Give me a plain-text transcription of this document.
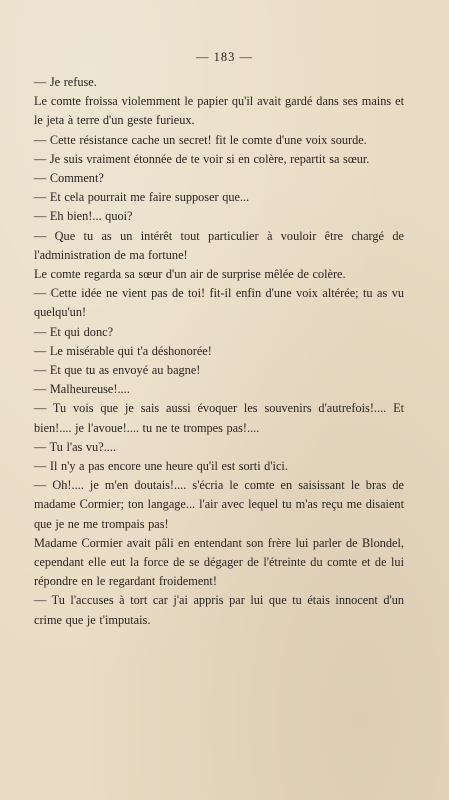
— 183 —

— Je refuse.

Le comte froissa violemment le papier qu'il avait gardé dans ses mains et le jeta à terre d'un geste furieux.

— Cette résistance cache un secret! fit le comte d'une voix sourde.

— Je suis vraiment étonnée de te voir si en colère, repartit sa sœur.

— Comment?

— Et cela pourrait me faire supposer que...

— Eh bien!... quoi?

— Que tu as un intérêt tout particulier à vouloir être chargé de l'administration de ma fortune!

Le comte regarda sa sœur d'un air de surprise mêlée de colère.

— Cette idée ne vient pas de toi! fit-il enfin d'une voix altérée; tu as vu quelqu'un!

— Et qui donc?

— Le misérable qui t'a déshonorée!

— Et que tu as envoyé au bagne!

— Malheureuse!....

— Tu vois que je sais aussi évoquer les souvenirs d'autrefois!.... Et bien!.... je l'avoue!.... tu ne te trompes pas!....

— Tu l'as vu?....

— Il n'y a pas encore une heure qu'il est sorti d'ici.

— Oh!.... je m'en doutais!.... s'écria le comte en saisissant le bras de madame Cormier; ton langage... l'air avec lequel tu m'as reçu me disaient que je ne me trompais pas!

Madame Cormier avait pâli en entendant son frère lui parler de Blondel, cependant elle eut la force de se dégager de l'étreinte du comte et de lui répondre en le regardant froidement!

— Tu l'accuses à tort car j'ai appris par lui que tu étais innocent d'un crime que je t'imputais.
